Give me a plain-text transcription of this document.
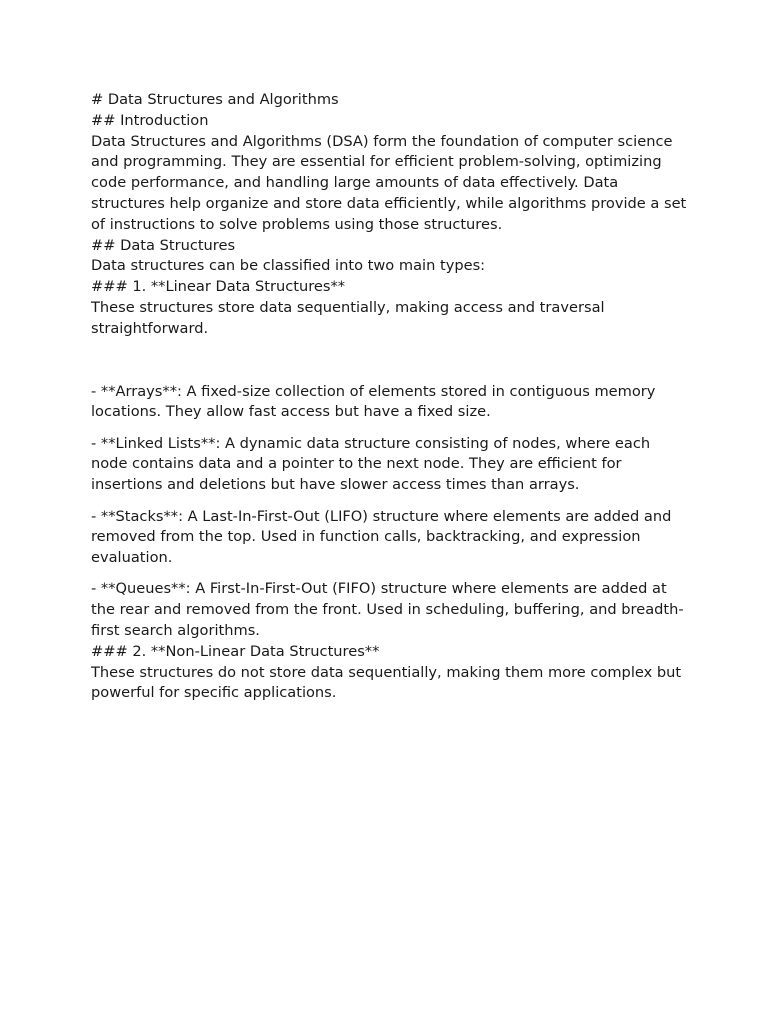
# Data Structures and Algorithms

## Introduction

Data Structures and Algorithms (DSA) form the foundation of computer science and programming. They are essential for efficient problem-solving, optimizing code performance, and handling large amounts of data effectively. Data structures help organize and store data efficiently, while algorithms provide a set of instructions to solve problems using those structures.

## Data Structures

Data structures can be classified into two main types:

### 1. **Linear Data Structures**

These structures store data sequentially, making access and traversal straightforward.

- **Arrays**: A fixed-size collection of elements stored in contiguous memory locations. They allow fast access but have a fixed size.

- **Linked Lists**: A dynamic data structure consisting of nodes, where each node contains data and a pointer to the next node. They are efficient for insertions and deletions but have slower access times than arrays.

- **Stacks**: A Last-In-First-Out (LIFO) structure where elements are added and removed from the top. Used in function calls, backtracking, and expression evaluation.

- **Queues**: A First-In-First-Out (FIFO) structure where elements are added at the rear and removed from the front. Used in scheduling, buffering, and breadth-first search algorithms.

### 2. **Non-Linear Data Structures**

These structures do not store data sequentially, making them more complex but powerful for specific applications.
